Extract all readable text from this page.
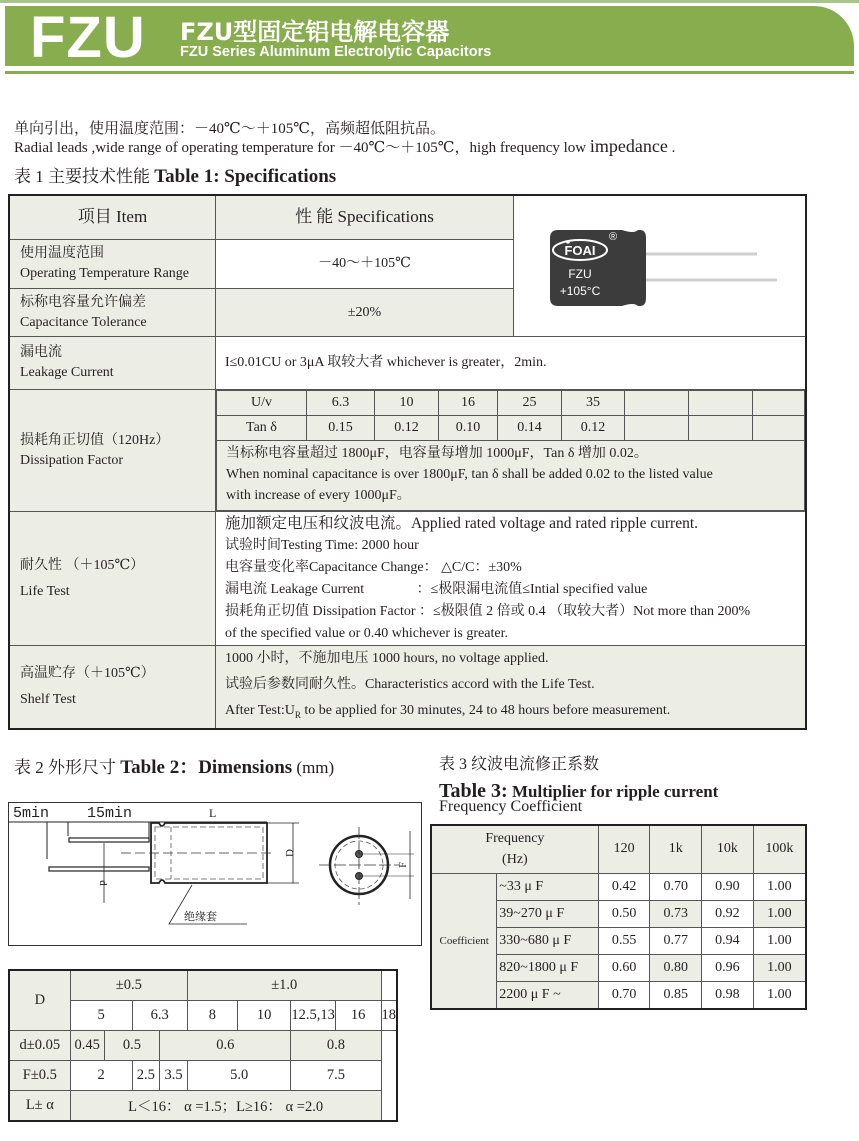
FZU FZU型固定铝电解电容器
FZU Series Aluminum Electrolytic Capacitors
单向引出，使用温度范围：－40℃～＋105℃，高频超低阻抗品。
Radial leads ,wide range of operating temperature for －40℃～＋105℃，high frequency low impedance .
表 1 主要技术性能 Table 1: Specifications
项目 Item	性 能 Specifications	
FOAI
®
FZU
+105°C

使用温度范围
Operating Temperature Range
	－40～＋105℃

标称电容量允许偏差
Capacitance Tolerance
	±20%

漏电流
Leakage Current
	I≤0.01CU or 3μA 取较大者 whichever is greater，2min.

损耗角正切值（120Hz）
Dissipation Factor

U/v	6.3	10	16	25	35			
Tan δ	0.15	0.12	0.10	0.14	0.12			

当标称电容量超过 1800μF，电容量每增加 1000μF，Tan δ 增加 0.02。
When nominal capacitance is over 1800μF, tan δ shall be added 0.02 to the listed value
with increase of every 1000μF。

耐久性 （＋105℃）
Life Test

施加额定电压和纹波电流。Applied rated voltage and rated ripple current.
试验时间Testing Time: 2000 hour
电容量变化率Capacitance Change： △C/C：±30%
漏电流 Leakage Current               ：≤极限漏电流值≤Intial specified value
损耗角正切值 Dissipation Factor ：≤极限值 2 倍或 0.4 （取较大者）Not more than 200%
of the specified value or 0.40 whichever is greater.

高温贮存（＋105℃）
Shelf Test

1000 小时，不施加电压 1000 hours, no voltage applied.
试验后参数同耐久性。Characteristics accord with the Life Test.
After $Test:U_R$ to be applied for 30 minutes, 24 to 48 hours before measurement.
表 2 外形尺寸 Table 2：Dimensions (mm)
5min	15min	L
D
d
绝缘套
F
D	±0.5				±1.0				
	5		6.3		8	10	12.5,13	16	18
d±0.05	0.45	0.5		0.6			0.8		
F±0.5	2		2.5	3.5	5.0		7.5		
L± α	L＜16： α =1.5；L≥16： α =2.0								
表 3 纹波电流修正系数
Table 3: Multiplier for ripple current
Frequency Coefficient
Frequency
(Hz)		120	1k	10k	100k
Coefficient	~33 μ F	0.42	0.70	0.90	1.00
	39~270 μ F	0.50	0.73	0.92	1.00
	330~680 μ F	0.55	0.77	0.94	1.00
	820~1800 μ F	0.60	0.80	0.96	1.00
	2200 μ F ~	0.70	0.85	0.98	1.00
